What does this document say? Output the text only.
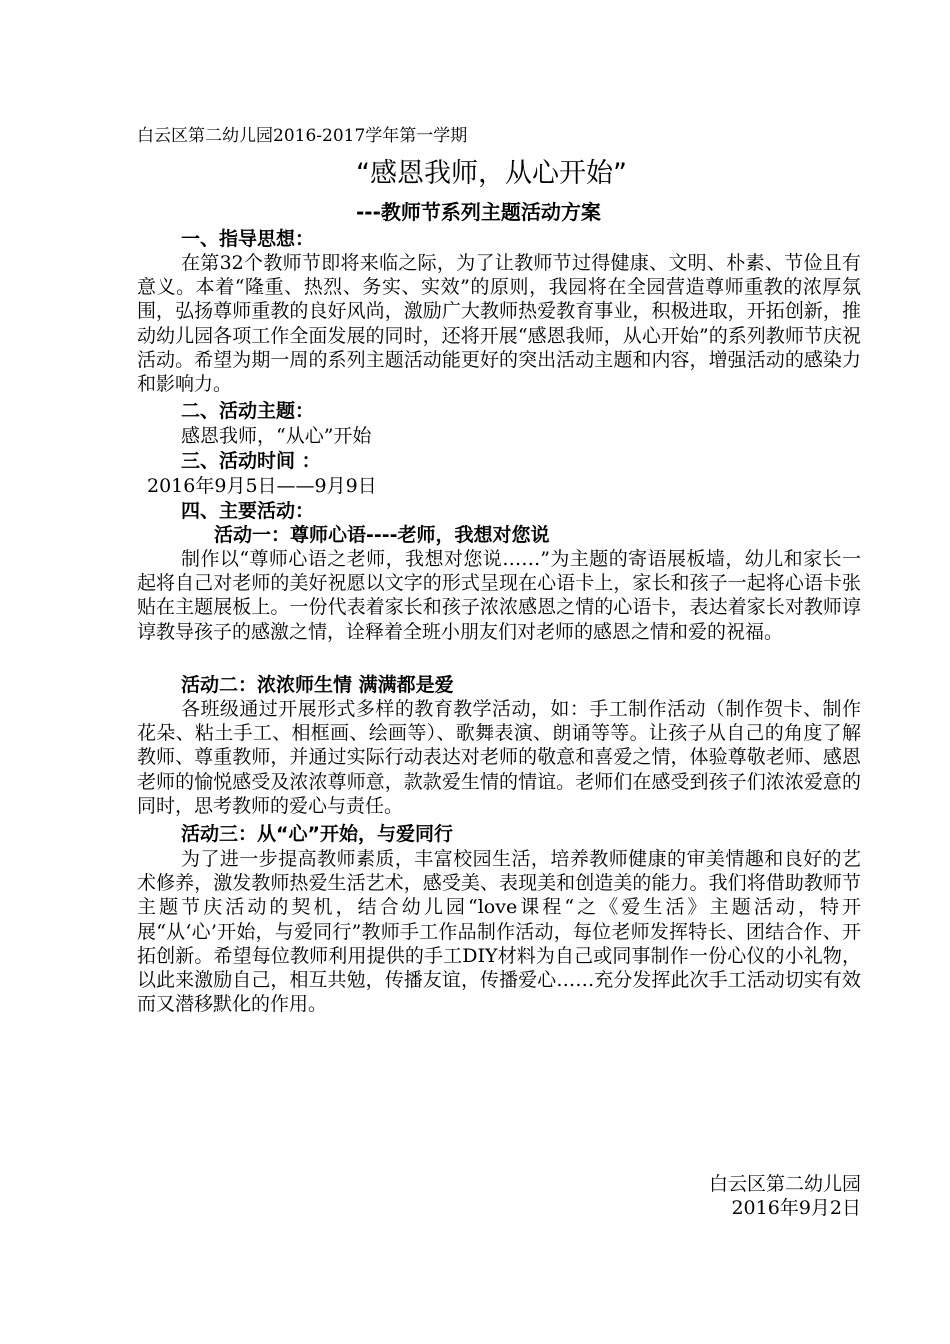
白云区第二幼儿园2016-2017学年第一学期
“感恩我师，从心开始”
---教师节系列主题活动方案
一、指导思想：

在第32个教师节即将来临之际，为了让教师节过得健康、文明、朴素、节俭且有意义。本着“隆重、热烈、务实、实效”的原则，我园将在全园营造尊师重教的浓厚氛围，弘扬尊师重教的良好风尚，激励广大教师热爱教育事业，积极进取，开拓创新，推动幼儿园各项工作全面发展的同时，还将开展“感恩我师，从心开始”的系列教师节庆祝活动。希望为期一周的系列主题活动能更好的突出活动主题和内容，增强活动的感染力和影响力。

二、活动主题：
感恩我师，“从心”开始
三、活动时间 ：
2016年9月5日——9月9日
四、主要活动：
活动一：尊师心语----老师，我想对您说

制作以“尊师心语之老师，我想对您说……”为主题的寄语展板墙，幼儿和家长一起将自己对老师的美好祝愿以文字的形式呈现在心语卡上，家长和孩子一起将心语卡张贴在主题展板上。一份代表着家长和孩子浓浓感恩之情的心语卡，表达着家长对教师谆谆教导孩子的感激之情，诠释着全班小朋友们对老师的感恩之情和爱的祝福。

活动二：浓浓师生情 满满都是爱

各班级通过开展形式多样的教育教学活动，如：手工制作活动（制作贺卡、制作花朵、粘土手工、相框画、绘画等）、歌舞表演、朗诵等等。让孩子从自己的角度了解教师、尊重教师，并通过实际行动表达对老师的敬意和喜爱之情，体验尊敬老师、感恩老师的愉悦感受及浓浓尊师意，款款爱生情的情谊。老师们在感受到孩子们浓浓爱意的同时，思考教师的爱心与责任。

活动三：从“心”开始，与爱同行

为了进一步提高教师素质，丰富校园生活，培养教师健康的审美情趣和良好的艺术修养，激发教师热爱生活艺术，感受美、表现美和创造美的能力。我们将借助教师节主题节庆活动的契机，结合幼儿园“love课程“之《爱生活》主题活动，特开展“从‘心’开始，与爱同行”教师手工作品制作活动，每位老师发挥特长、团结合作、开拓创新。希望每位教师利用提供的手工DIY材料为自己或同事制作一份心仪的小礼物，以此来激励自己，相互共勉，传播友谊，传播爱心……充分发挥此次手工活动切实有效而又潜移默化的作用。

白云区第二幼儿园
2016年9月2日
